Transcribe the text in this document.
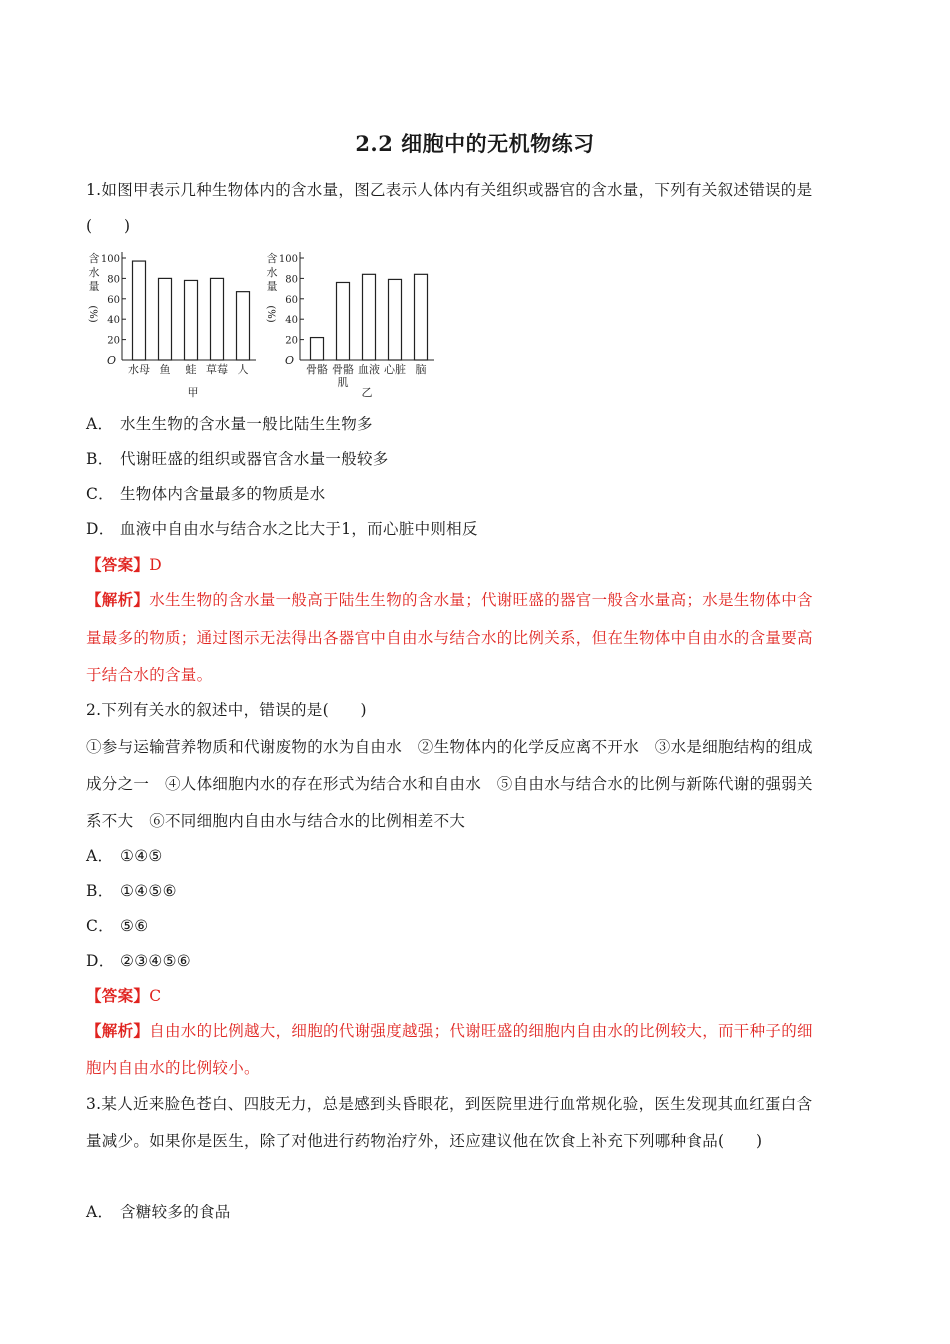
2.2 细胞中的无机物练习
1.如图甲表示几种生物体内的含水量，图乙表示人体内有关组织或器官的含水量，下列有关叙述错误的是
(　　)
含
水
量
(%)
20
40
60
80
100
O
水母 鱼 蛙 草莓 人
甲
含
水
量
(%)
20
40
60
80
100
O
骨骼 骨骼
肌
血液 心脏 脑
乙
A． 水生生物的含水量一般比陆生生物多
B． 代谢旺盛的组织或器官含水量一般较多
C． 生物体内含量最多的物质是水
D． 血液中自由水与结合水之比大于1，而心脏中则相反
【答案】D
【解析】水生生物的含水量一般高于陆生生物的含水量；代谢旺盛的器官一般含水量高；水是生物体中含
量最多的物质；通过图示无法得出各器官中自由水与结合水的比例关系，但在生物体中自由水的含量要高
于结合水的含量。
2.下列有关水的叙述中，错误的是(　　)
①参与运输营养物质和代谢废物的水为自由水　②生物体内的化学反应离不开水　③水是细胞结构的组成
成分之一　④人体细胞内水的存在形式为结合水和自由水　⑤自由水与结合水的比例与新陈代谢的强弱关
系不大　⑥不同细胞内自由水与结合水的比例相差不大
A． ①④⑤
B． ①④⑤⑥
C． ⑤⑥
D． ②③④⑤⑥
【答案】C
【解析】自由水的比例越大，细胞的代谢强度越强；代谢旺盛的细胞内自由水的比例较大，而干种子的细
胞内自由水的比例较小。
3.某人近来脸色苍白、四肢无力，总是感到头昏眼花，到医院里进行血常规化验，医生发现其血红蛋白含
量减少。如果你是医生，除了对他进行药物治疗外，还应建议他在饮食上补充下列哪种食品(　　)
A． 含糖较多的食品
